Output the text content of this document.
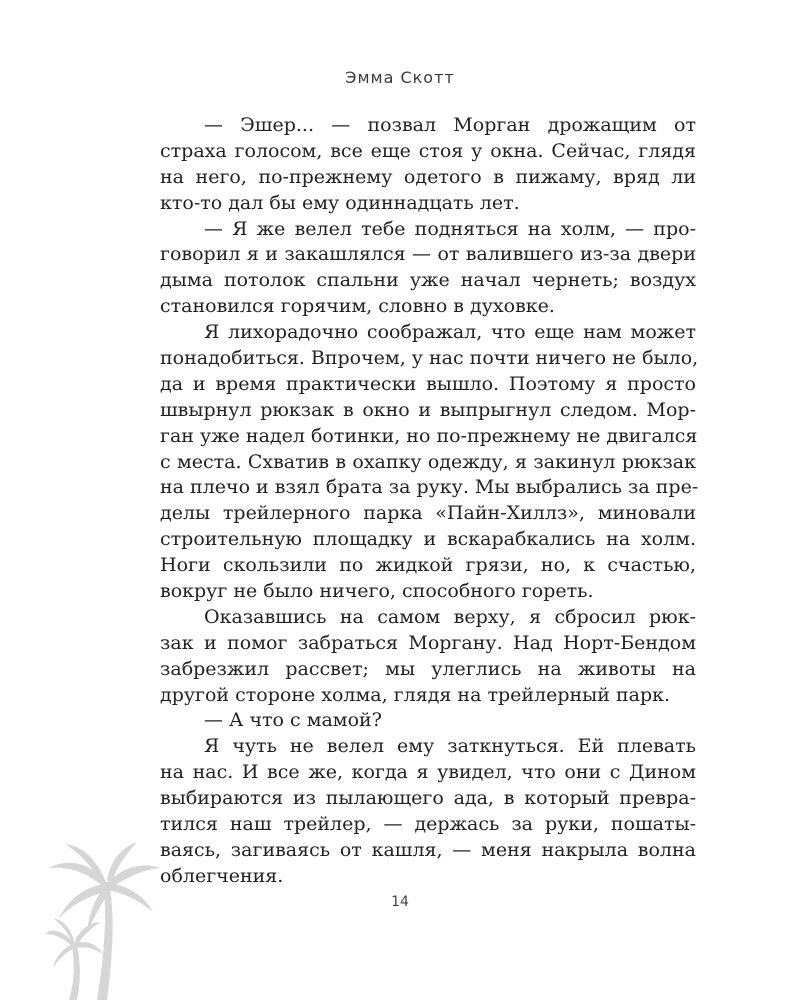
Эмма Скотт
— Эшер... — позвал Морган дрожащим от
страха голосом, все еще стоя у окна. Сейчас, глядя
на него, по-прежнему одетого в пижаму, вряд ли
кто-то дал бы ему одиннадцать лет.
— Я же велел тебе подняться на холм, — про-
говорил я и закашлялся — от валившего из-за двери
дыма потолок спальни уже начал чернеть; воздух
становился горячим, словно в духовке.
Я лихорадочно соображал, что еще нам может
понадобиться. Впрочем, у нас почти ничего не было,
да и время практически вышло. Поэтому я просто
швырнул рюкзак в окно и выпрыгнул следом. Мор-
ган уже надел ботинки, но по-прежнему не двигался
с места. Схватив в охапку одежду, я закинул рюкзак
на плечо и взял брата за руку. Мы выбрались за пре-
делы трейлерного парка «Пайн-Хиллз», миновали
строительную площадку и вскарабкались на холм.
Ноги скользили по жидкой грязи, но, к счастью,
вокруг не было ничего, способного гореть.
Оказавшись на самом верху, я сбросил рюк-
зак и помог забраться Моргану. Над Норт-Бендом
забрезжил рассвет; мы улеглись на животы на
другой стороне холма, глядя на трейлерный парк.
— А что с мамой?
Я чуть не велел ему заткнуться. Ей плевать
на нас. И все же, когда я увидел, что они с Дином
выбираются из пылающего ада, в который превра-
тился наш трейлер, — держась за руки, пошаты-
ваясь, загиваясь от кашля, — меня накрыла волна
облегчения.
14
